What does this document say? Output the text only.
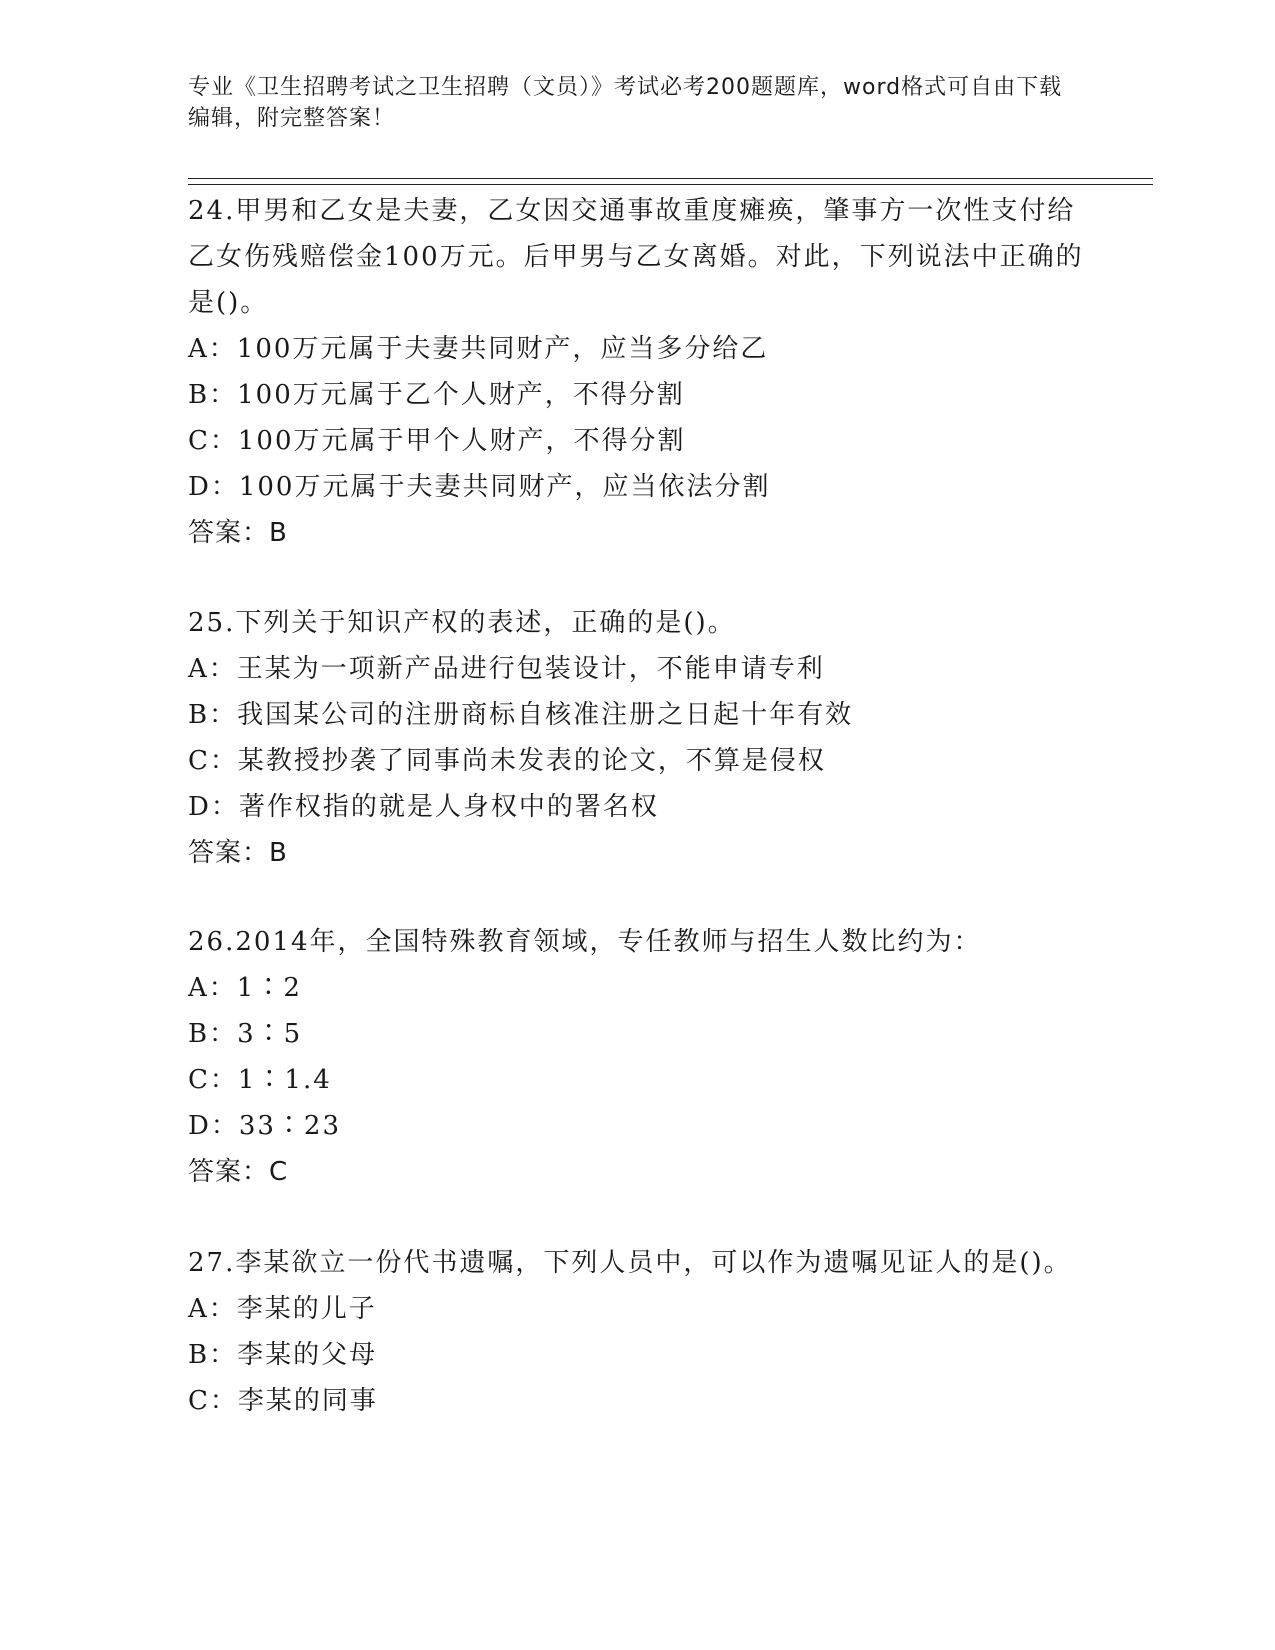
专业《卫生招聘考试之卫生招聘（文员）》考试必考200题题库，word格式可自由下载编辑，附完整答案！
24.甲男和乙女是夫妻，乙女因交通事故重度瘫痪，肇事方一次性支付给乙女伤残赔偿金100万元。后甲男与乙女离婚。对此，下列说法中正确的是()。
A：100万元属于夫妻共同财产，应当多分给乙
B：100万元属于乙个人财产，不得分割
C：100万元属于甲个人财产，不得分割
D：100万元属于夫妻共同财产，应当依法分割
答案：B
25.下列关于知识产权的表述，正确的是()。
A：王某为一项新产品进行包装设计，不能申请专利
B：我国某公司的注册商标自核准注册之日起十年有效
C：某教授抄袭了同事尚未发表的论文，不算是侵权
D：著作权指的就是人身权中的署名权
答案：B
26.2014年，全国特殊教育领域，专任教师与招生人数比约为：
A：1∶2
B：3∶5
C：1∶1.4
D：33∶23
答案：C
27.李某欲立一份代书遗嘱，下列人员中，可以作为遗嘱见证人的是()。
A：李某的儿子
B：李某的父母
C：李某的同事
